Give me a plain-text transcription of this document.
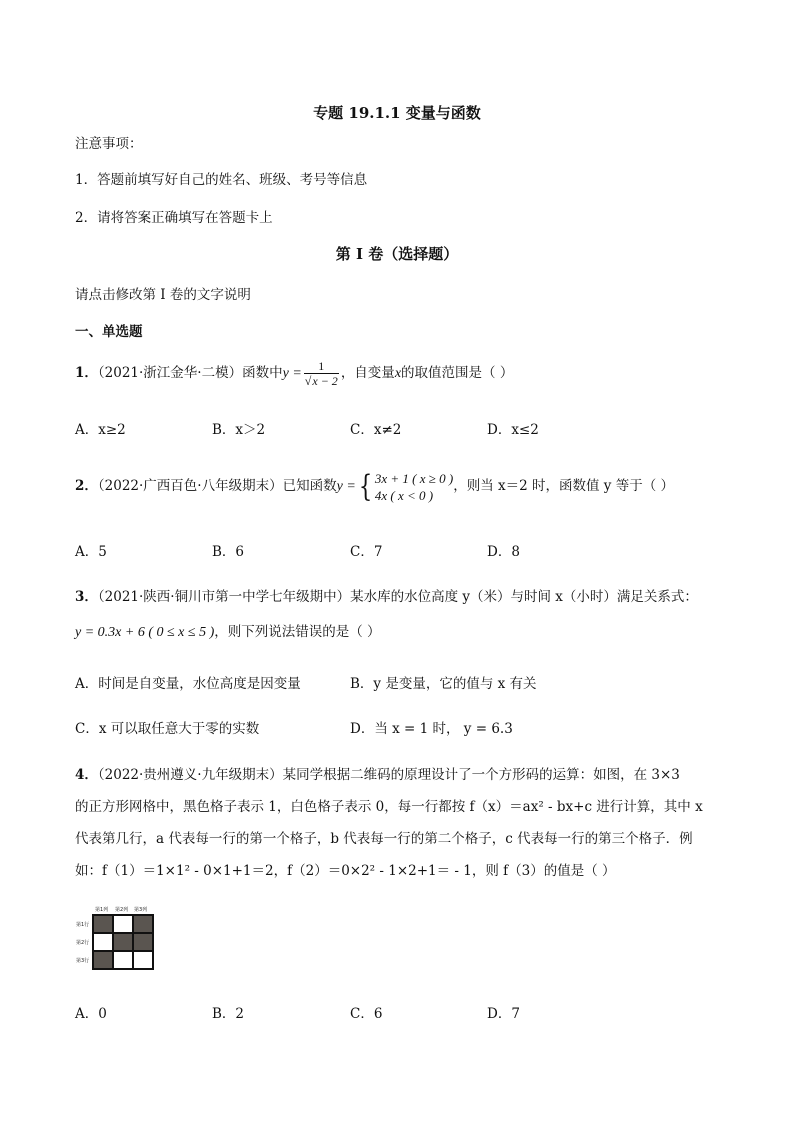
专题 19.1.1 变量与函数
注意事项：
1．答题前填写好自己的姓名、班级、考号等信息
2．请将答案正确填写在答题卡上
第 I 卷（选择题）
请点击修改第 I 卷的文字说明
一、单选题
1．（2021·浙江金华·二模）函数中$y = \frac{1}{√x - 2}$ ，自变量x的取值范围是（ ）
A．x≥2	B．x＞2	C．x≠2	D．x≤2
2．（2022·广西百色·八年级期末）已知函数y ={ 3x + 1 ( x ≥ 0 )
4x ( x < 0 )
，则当 x＝2 时，函数值 y 等于（ ）
A．5	B．6	C．7	D．8
3．（2021·陕西·铜川市第一中学七年级期中）某水库的水位高度 y（米）与时间 x（小时）满足关系式：
y = 0.3x + 6 ( 0 ≤ x ≤ 5 )，则下列说法错误的是（ ）
A．时间是自变量，水位高度是因变量	B．y 是变量，它的值与 x 有关
C．x 可以取任意大于零的实数	D．当 x = 1 时， y = 6.3
4．（2022·贵州遵义·九年级期末）某同学根据二维码的原理设计了一个方形码的运算：如图，在 3×3
的正方形网格中，黑色格子表示 1，白色格子表示 0，每一行都按 f（x）＝ax² - bx+c 进行计算，其中 x
代表第几行，a 代表每一行的第一个格子，b 代表每一行的第二个格子，c 代表每一行的第三个格子．例
如：f（1）＝1×1² - 0×1+1＝2，f（2）＝0×2² - 1×2+1＝ - 1，则 f（3）的值是（ ）
第1列 第2列 第3列
第1行
第2行
第3行
A．0	B．2	C．6	D．7
